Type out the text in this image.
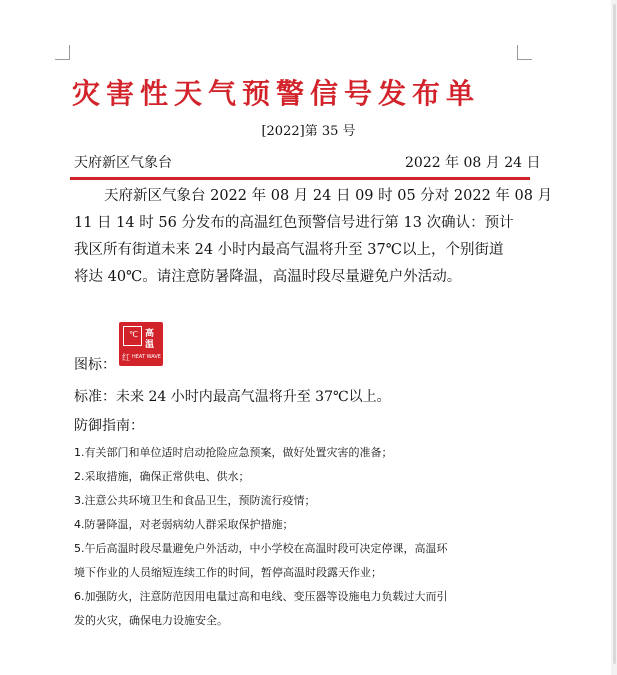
灾害性天气预警信号发布单
[2022]第 35 号
天府新区气象台	2022 年 08 月 24 日
天府新区气象台 2022 年 08 月 24 日 09 时 05 分对 2022 年 08 月
11 日 14 时 56 分发布的高温红色预警信号进行第 13 次确认：预计
我区所有街道未来 24 小时内最高气温将升至 37℃以上，个别街道
将达 40℃。请注意防暑降温，高温时段尽量避免户外活动。
℃ 高
温
红 HEAT WAVE
图标：
标准：未来 24 小时内最高气温将升至 37℃以上。
防御指南：
1.有关部门和单位适时启动抢险应急预案，做好处置灾害的准备；
2.采取措施，确保正常供电、供水；
3.注意公共环境卫生和食品卫生，预防流行疫情；
4.防暑降温，对老弱病幼人群采取保护措施；
5.午后高温时段尽量避免户外活动，中小学校在高温时段可决定停课，高温环
境下作业的人员缩短连续工作的时间，暂停高温时段露天作业；
6.加强防火，注意防范因用电量过高和电线、变压器等设施电力负载过大而引
发的火灾，确保电力设施安全。
